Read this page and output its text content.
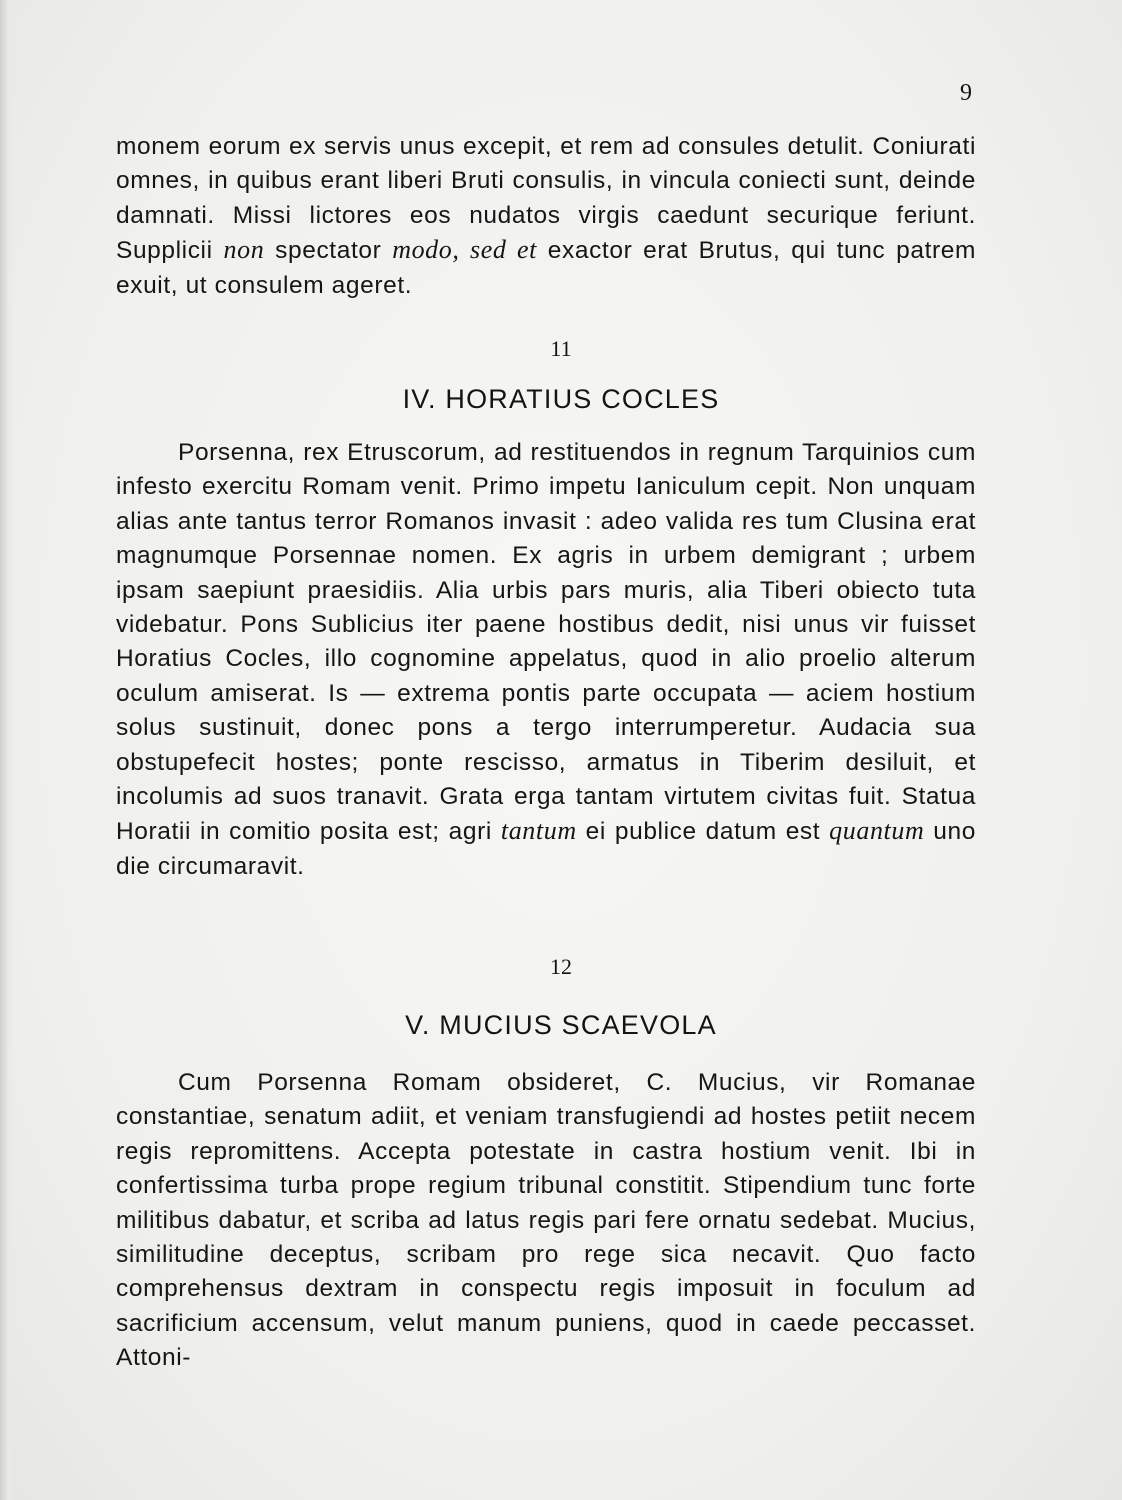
9

monem eorum ex servis unus excepit, et rem ad consules detulit. Coniurati omnes, in quibus erant liberi Bruti consulis, in vincula coniecti sunt, deinde damnati. Missi lictores eos nudatos virgis caedunt securique feriunt. Supplicii non spectator modo, sed et exactor erat Brutus, qui tunc patrem exuit, ut consulem ageret.

11
IV. HORATIUS COCLES

Porsenna, rex Etruscorum, ad restituendos in regnum Tarquinios cum infesto exercitu Romam venit. Primo impetu Ianiculum cepit. Non unquam alias ante tantus terror Romanos invasit : adeo valida res tum Clusina erat magnumque Porsennae nomen. Ex agris in urbem demigrant ; urbem ipsam saepiunt praesidiis. Alia urbis pars muris, alia Tiberi obiecto tuta videbatur. Pons Sublicius iter paene hostibus dedit, nisi unus vir fuisset Horatius Cocles, illo cognomine appelatus, quod in alio proelio alterum oculum amiserat. Is — extrema pontis parte occupata — aciem hostium solus sustinuit, donec pons a tergo interrumperetur. Audacia sua obstupefecit hostes; ponte rescisso, armatus in Tiberim desiluit, et incolumis ad suos tranavit. Grata erga tantam virtutem civitas fuit. Statua Horatii in comitio posita est; agri tantum ei publice datum est quantum uno die circumaravit.

12
V. MUCIUS SCAEVOLA

Cum Porsenna Romam obsideret, C. Mucius, vir Romanae constantiae, senatum adiit, et veniam transfugiendi ad hostes petiit necem regis repromittens. Accepta potestate in castra hostium venit. Ibi in confertissima turba prope regium tribunal constitit. Stipendium tunc forte militibus dabatur, et scriba ad latus regis pari fere ornatu sedebat. Mucius, similitudine deceptus, scribam pro rege sica necavit. Quo facto comprehensus dextram in conspectu regis imposuit in foculum ad sacrificium accensum, velut manum puniens, quod in caede peccasset. Attoni-
